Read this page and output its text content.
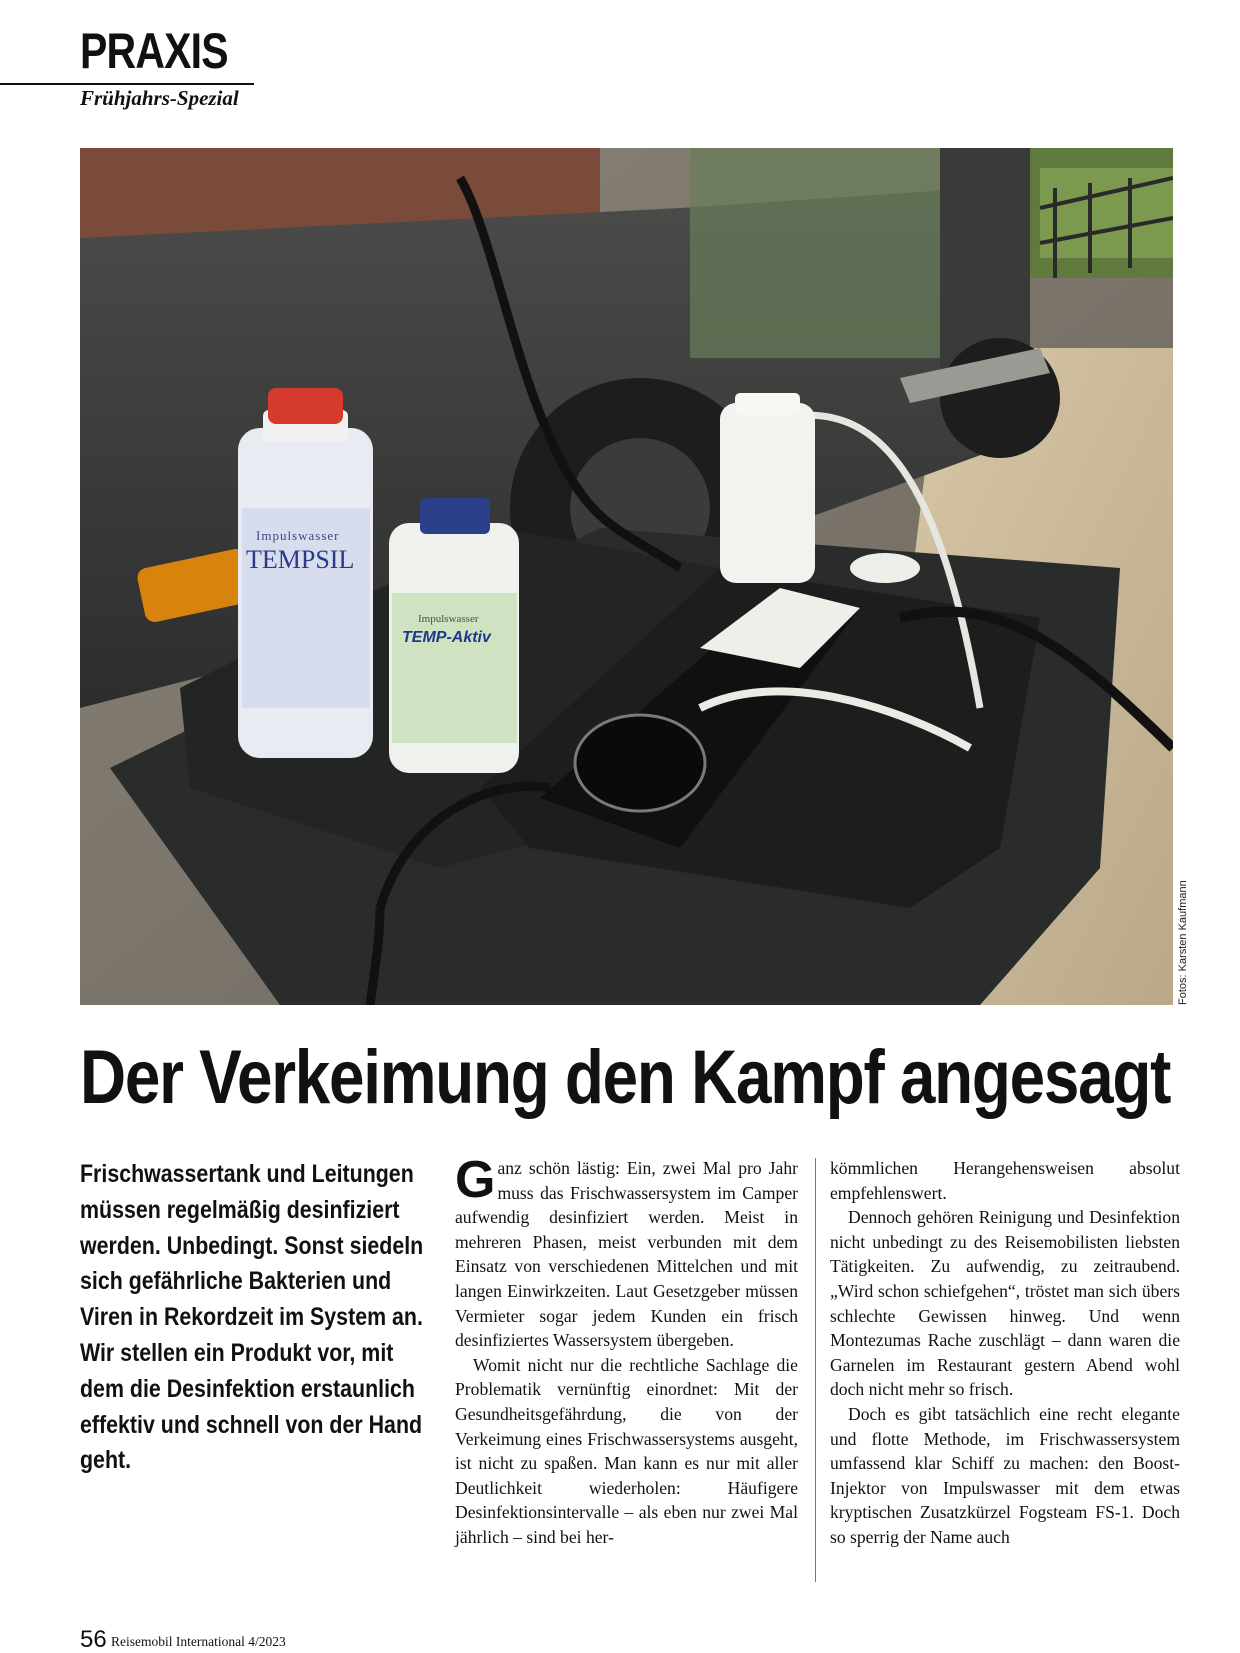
PRAXIS
Frühjahrs-Spezial
Impulswasser
TEMPSIL
Impulswasser
TEMP-Aktiv
Fotos: Karsten Kaufmann
Der Verkeimung den Kampf angesagt

Frischwassertank und Leitungen müssen regelmäßig desinfiziert werden. Unbedingt. Sonst siedeln sich gefährliche Bakterien und Viren in Rekordzeit im System an. Wir stellen ein Produkt vor, mit dem die Desinfektion erstaunlich effektiv und schnell von der Hand geht.

G anz schön lästig: Ein, zwei Mal pro Jahr muss das Frischwassersystem im Camper aufwendig desinfiziert werden. Meist in mehreren Phasen, meist verbunden mit dem Einsatz von verschiedenen Mittelchen und mit langen Einwirkzeiten. Laut Gesetzgeber müssen Vermieter sogar jedem Kunden ein frisch desinfiziertes Wassersystem übergeben.

Womit nicht nur die rechtliche Sachlage die Problematik vernünftig einordnet: Mit der Gesundheitsgefährdung, die von der Verkeimung eines Frischwassersystems ausgeht, ist nicht zu spaßen. Man kann es nur mit aller Deutlichkeit wiederholen: Häufigere Desinfektionsintervalle – als eben nur zwei Mal jährlich – sind bei her-

kömmlichen Herangehensweisen absolut empfehlenswert.

Dennoch gehören Reinigung und Desinfektion nicht unbedingt zu des Reisemobilisten liebsten Tätigkeiten. Zu aufwendig, zu zeitraubend. „Wird schon schiefgehen“, tröstet man sich übers schlechte Gewissen hinweg. Und wenn Montezumas Rache zuschlägt – dann waren die Garnelen im Restaurant gestern Abend wohl doch nicht mehr so frisch.

Doch es gibt tatsächlich eine recht elegante und flotte Methode, im Frischwassersystem umfassend klar Schiff zu machen: den Boost-Injektor von Impulswasser mit dem etwas kryptischen Zusatzkürzel Fogsteam FS-1. Doch so sperrig der Name auch

56 Reisemobil International 4/2023
